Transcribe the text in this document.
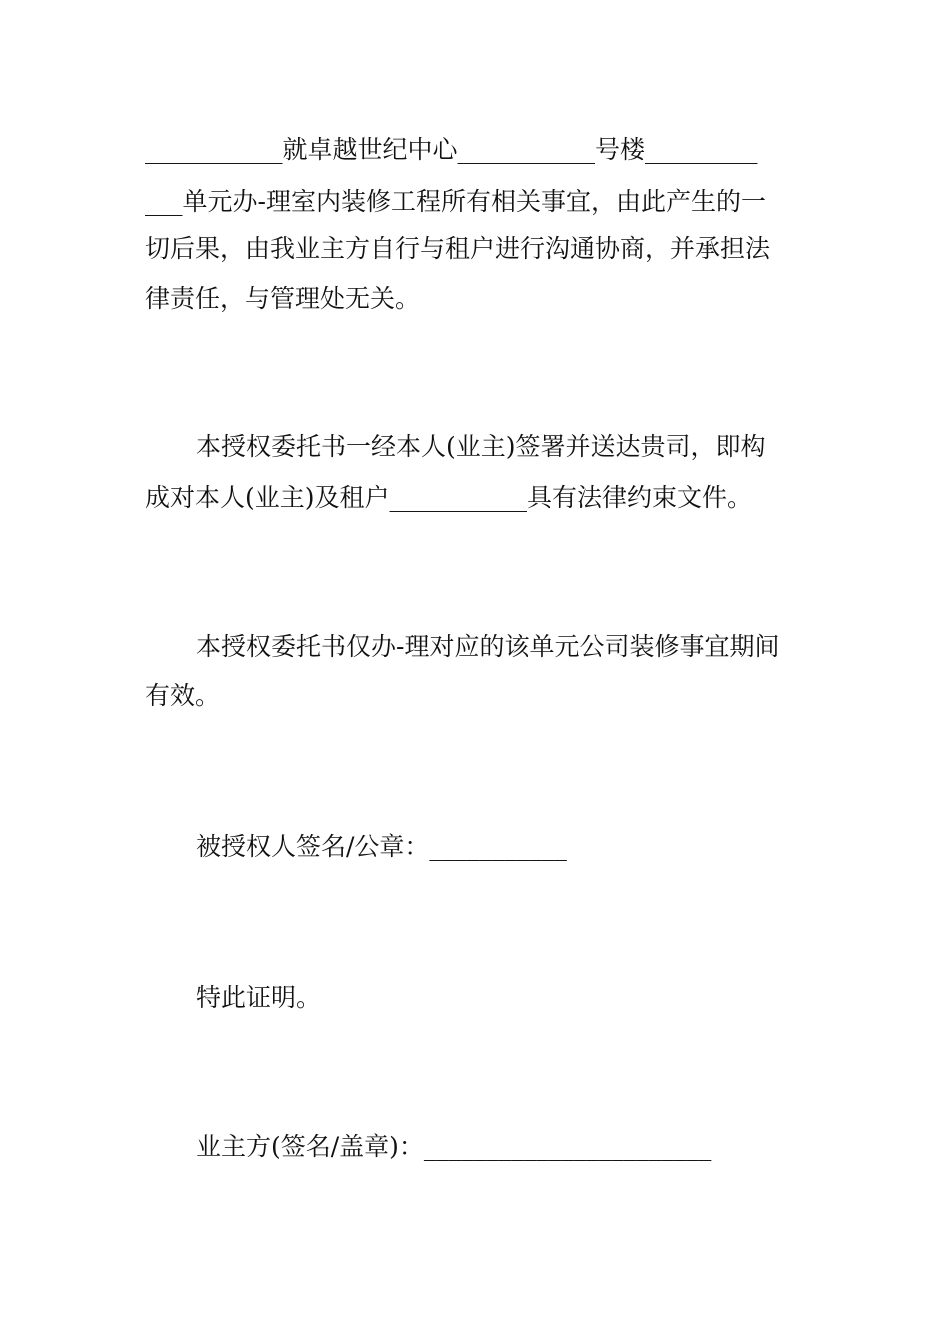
___________就卓越世纪中心___________号楼_________
___单元办-理室内装修工程所有相关事宜，由此产生的一
切后果，由我业主方自行与租户进行沟通协商，并承担法
律责任，与管理处无关。
本授权委托书一经本人(业主)签署并送达贵司，即构
成对本人(业主)及租户___________具有法律约束文件。
本授权委托书仅办-理对应的该单元公司装修事宜期间
有效。
被授权人签名/公章：___________
特此证明。
业主方(签名/盖章)：_______________________
